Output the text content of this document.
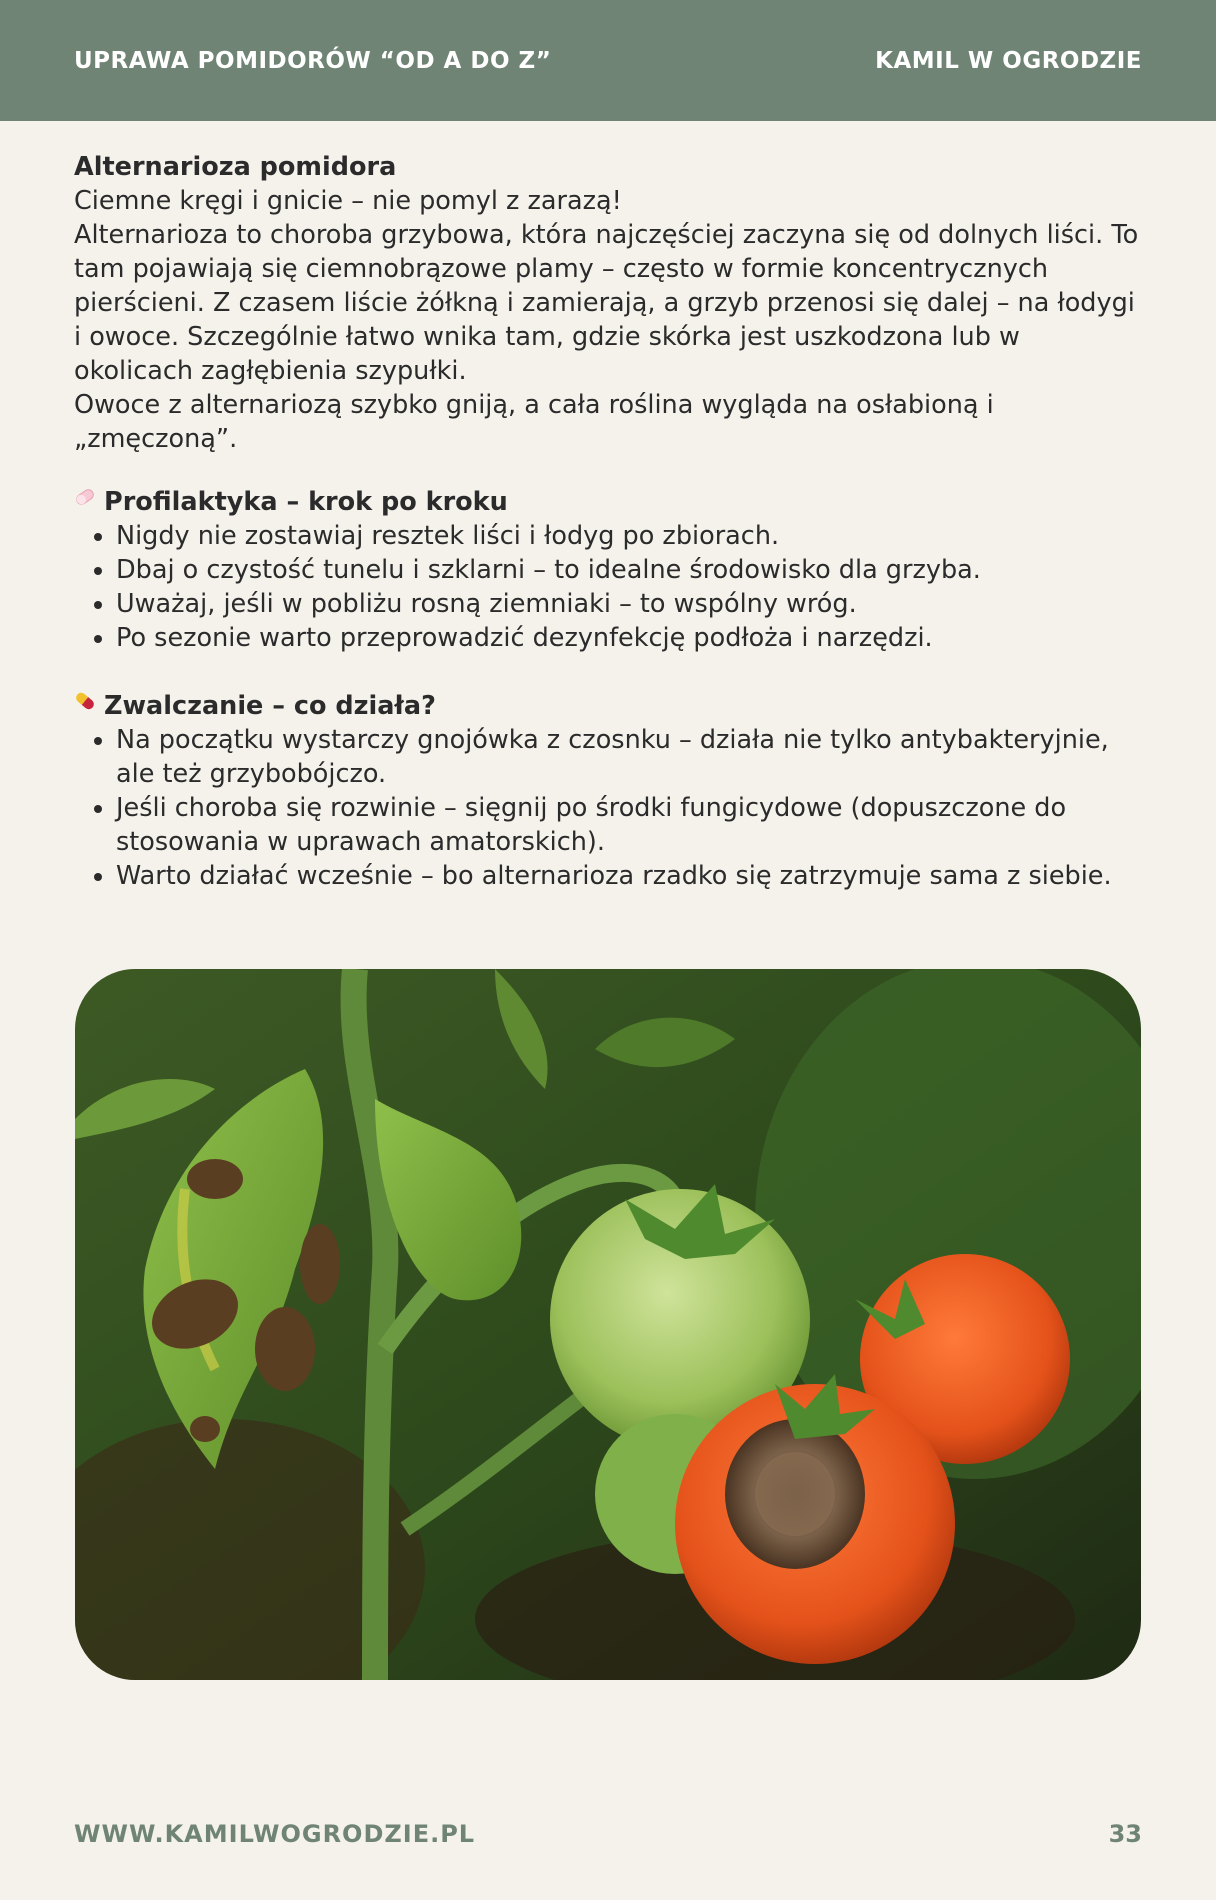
UPRAWA POMIDORÓW “OD A DO Z”	KAMIL W OGRODZIE

Alternarioza pomidora

Ciemne kręgi i gnicie – nie pomyl z zarazą!

Alternarioza to choroba grzybowa, która najczęściej zaczyna się od dolnych liści. To tam pojawiają się ciemnobrązowe plamy – często w formie koncentrycznych pierścieni. Z czasem liście żółkną i zamierają, a grzyb przenosi się dalej – na łodygi i owoce. Szczególnie łatwo wnika tam, gdzie skórka jest uszkodzona lub w okolicach zagłębienia szypułki.

Owoce z alternariozą szybko gniją, a cała roślina wygląda na osłabioną i „zmęczoną”.

Profilaktyka – krok po kroku
• Nigdy nie zostawiaj resztek liści i łodyg po zbiorach.
• Dbaj o czystość tunelu i szklarni – to idealne środowisko dla grzyba.
• Uważaj, jeśli w pobliżu rosną ziemniaki – to wspólny wróg.
• Po sezonie warto przeprowadzić dezynfekcję podłoża i narzędzi.
Zwalczanie – co działa?
• Na początku wystarczy gnojówka z czosnku – działa nie tylko antybakteryjnie, ale też grzybobójczo.
• Jeśli choroba się rozwinie – sięgnij po środki fungicydowe (dopuszczone do stosowania w uprawach amatorskich).
• Warto działać wcześnie – bo alternarioza rzadko się zatrzymuje sama z siebie.
WWW.KAMILWOGRODZIE.PL	33
